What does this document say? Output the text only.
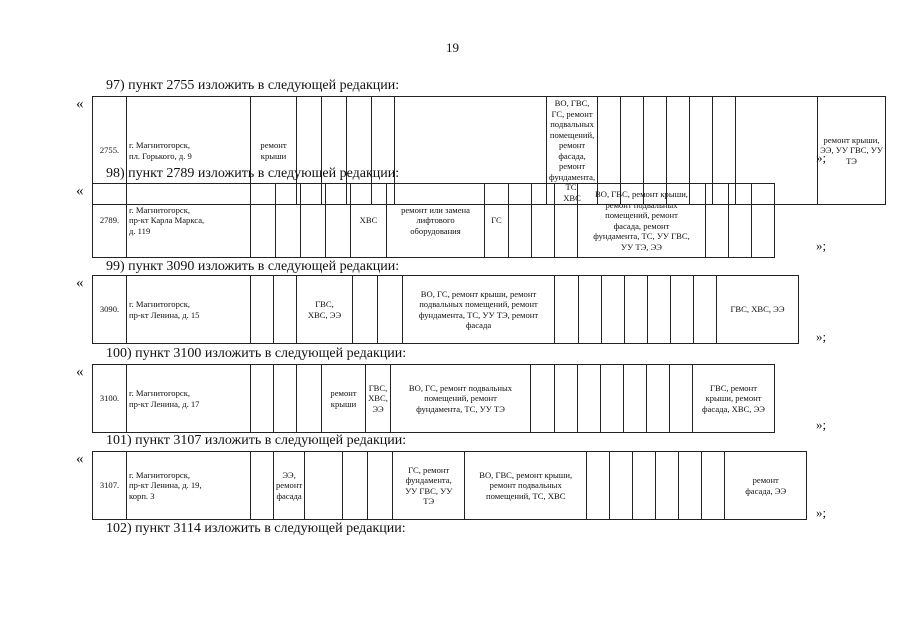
19
97) пункт 2755 изложить в следующей редакции:
«
2755.	г. Магнитогорск,
пл. Горького, д. 9	ремонт
крыши						ВО, ГВС, ГС, ремонт
подвальных помещений, ремонт
фасада, ремонт фундамента, ТС,
ХВС								ремонт крыши,
ЭЭ, УУ ГВС, УУ
ТЭ
»;
98) пункт 2789 изложить в следующей редакции:
«
2789.	г. Магнитогорск,
пр-кт Карла Маркса,
д. 119					ХВС	ремонт или замена
лифтового
оборудования	ГС				ВО, ГВС, ремонт крыши,
ремонт подвальных
помещений, ремонт
фасада, ремонт
фундамента, ТС, УУ ГВС,
УУ ТЭ, ЭЭ				»;
99) пункт 3090 изложить в следующей редакции:
«
3090.	г. Магнитогорск,
пр-кт Ленина, д. 15			ГВС,
ХВС, ЭЭ			ВО, ГС, ремонт крыши, ремонт
подвальных помещений, ремонт
фундамента, ТС, УУ ТЭ, ремонт
фасада								ГВС, ХВС, ЭЭ
»;
100) пункт 3100 изложить в следующей редакции:
«
3100.	г. Магнитогорск,
пр-кт Ленина, д. 17				ремонт
крыши	ГВС,
ХВС,
ЭЭ	ВО, ГС, ремонт подвальных
помещений, ремонт
фундамента, ТС, УУ ТЭ								ГВС, ремонт
крыши, ремонт
фасада, ХВС, ЭЭ
»;
101) пункт 3107 изложить в следующей редакции:
«
3107.	г. Магнитогорск,
пр-кт Ленина, д. 19,
корп. 3		ЭЭ,
ремонт
фасада				ГС, ремонт
фундамента,
УУ ГВС, УУ
ТЭ	ВО, ГВС, ремонт крыши,
ремонт подвальных
помещений, ТС, ХВС							ремонт
фасада, ЭЭ
»;
102) пункт 3114 изложить в следующей редакции:
